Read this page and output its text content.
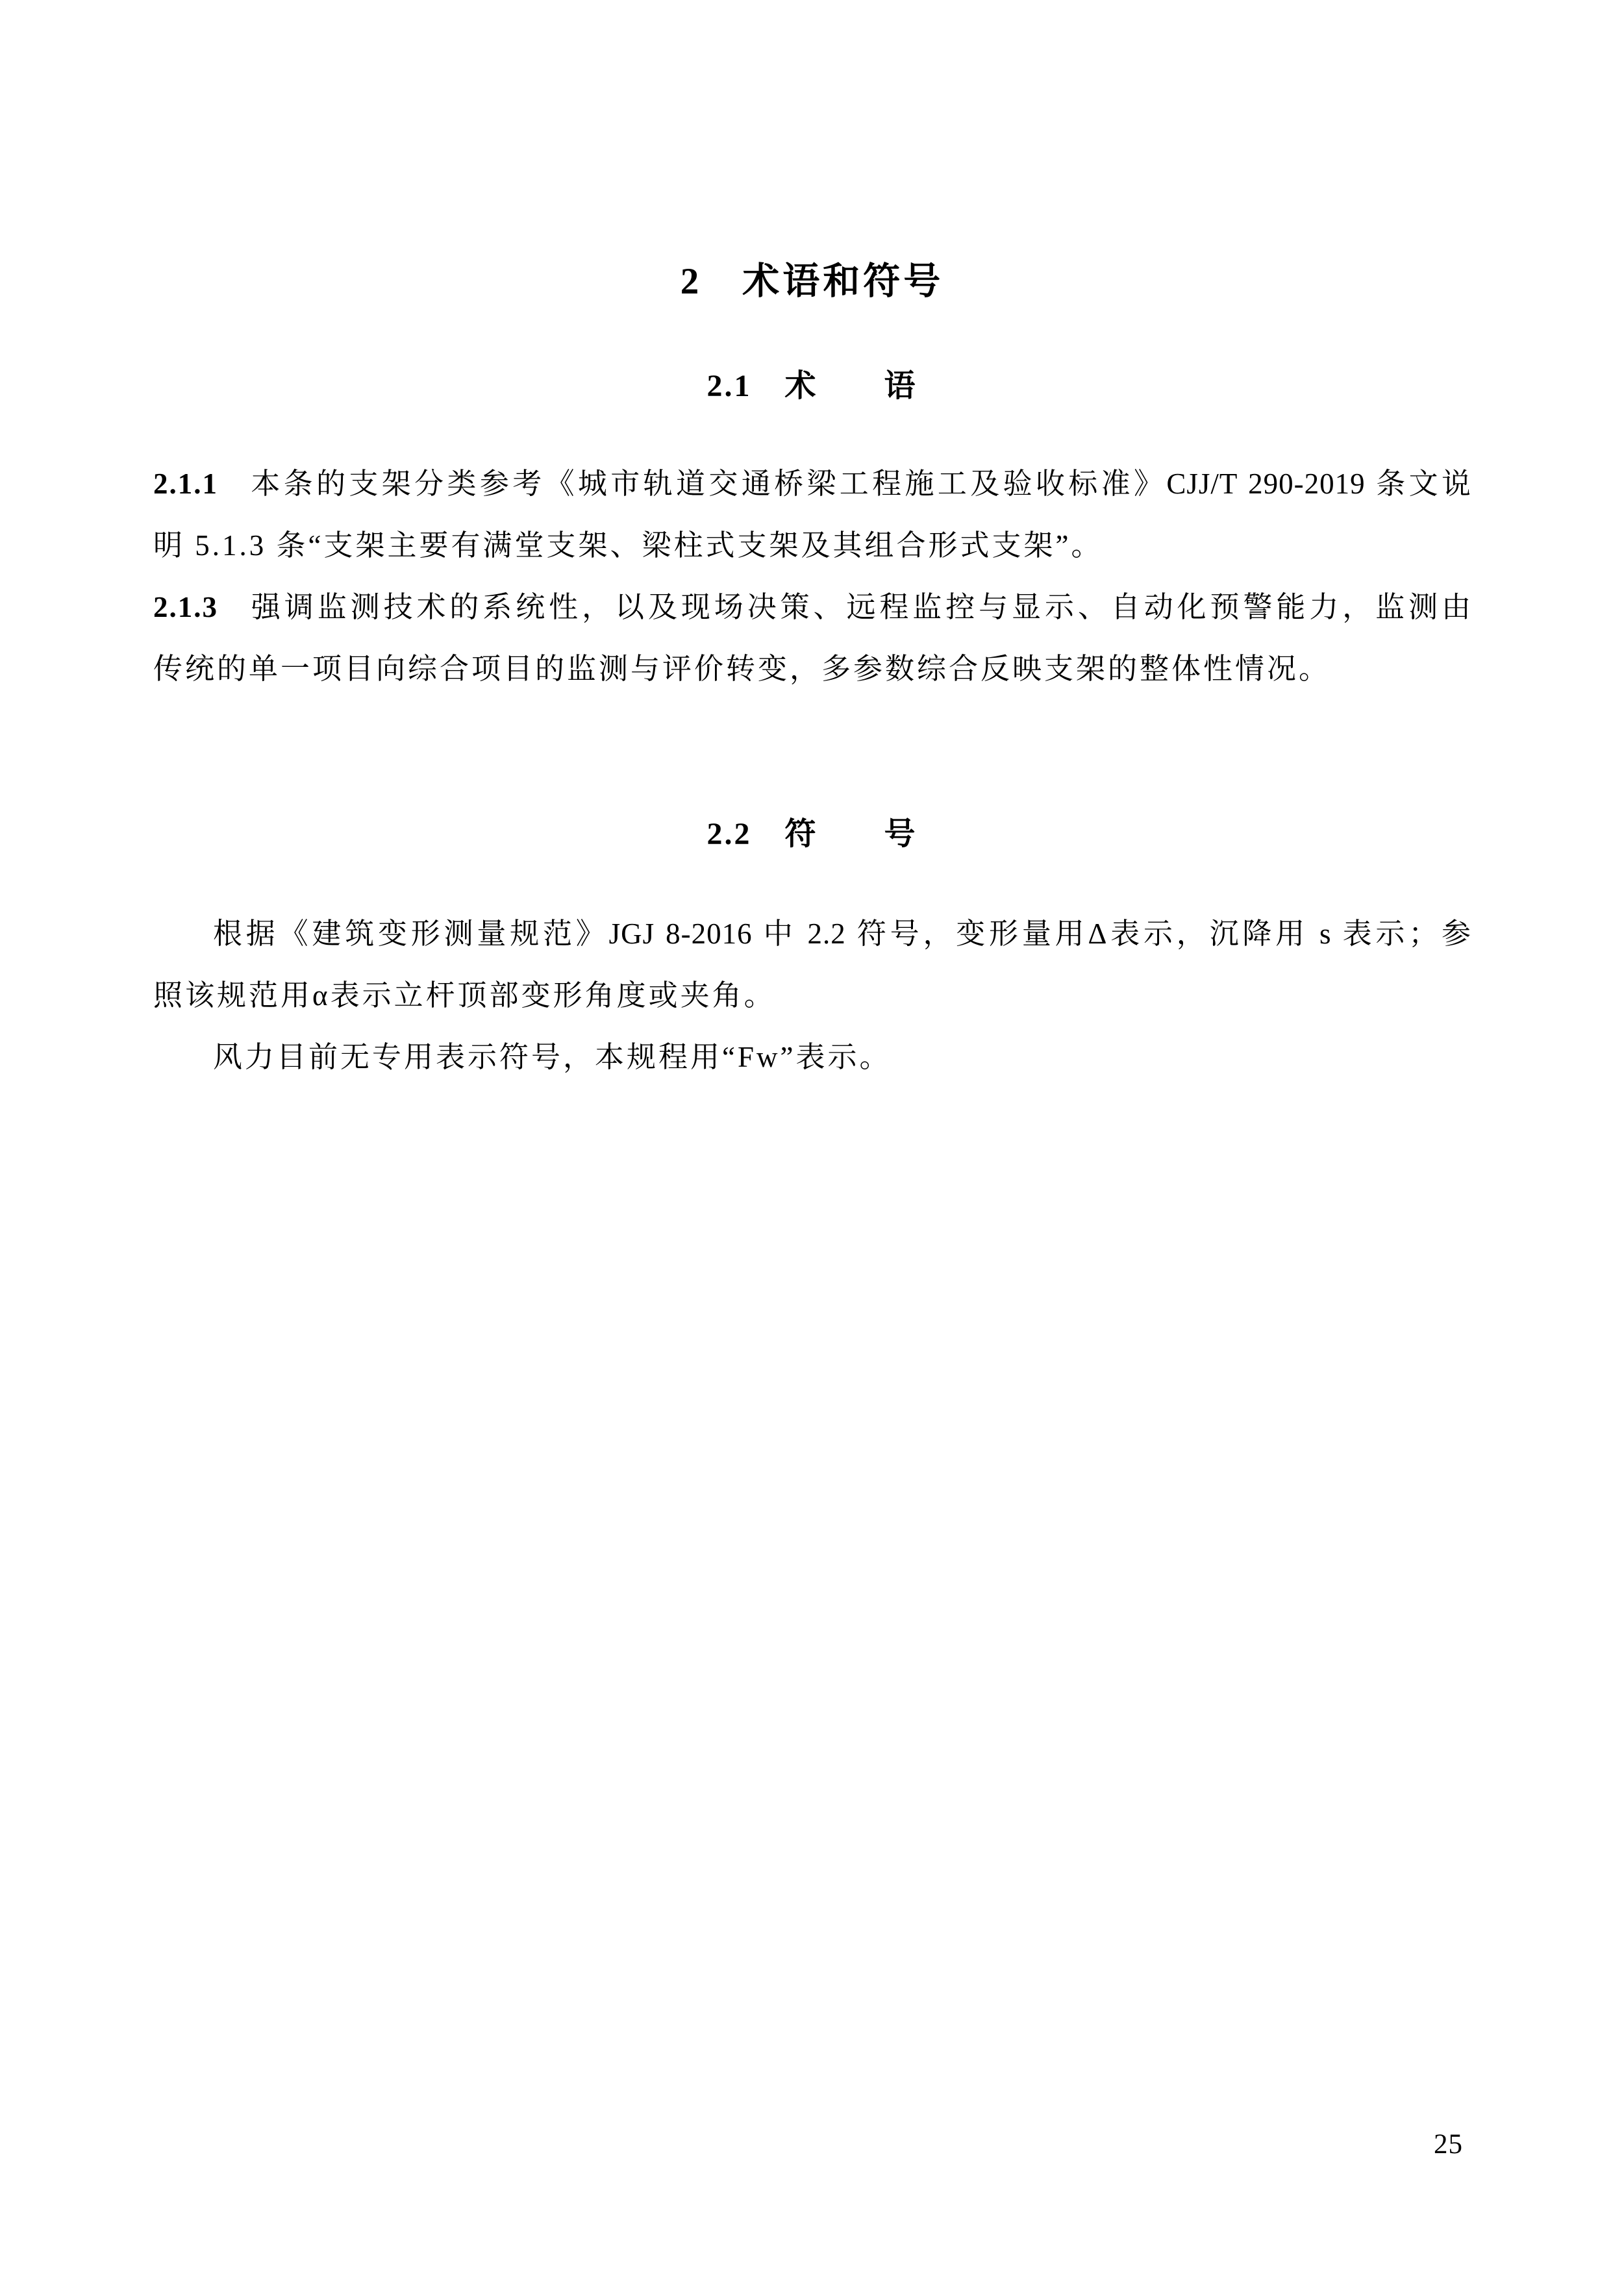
2　术语和符号
2.1　术　　语
2.1.1 本条的支架分类参考《城市轨道交通桥梁工程施工及验收标准》CJJ/T 290-2019 条文说
明 5.1.3 条“支架主要有满堂支架、梁柱式支架及其组合形式支架”。
2.1.3 强调监测技术的系统性，以及现场决策、远程监控与显示、自动化预警能力，监测由
传统的单一项目向综合项目的监测与评价转变，多参数综合反映支架的整体性情况。
2.2　符　　号
根据《建筑变形测量规范》JGJ 8-2016 中 2.2 符号，变形量用Δ表示，沉降用 s 表示；参
照该规范用α表示立杆顶部变形角度或夹角。
风力目前无专用表示符号，本规程用“Fw”表示。
25
